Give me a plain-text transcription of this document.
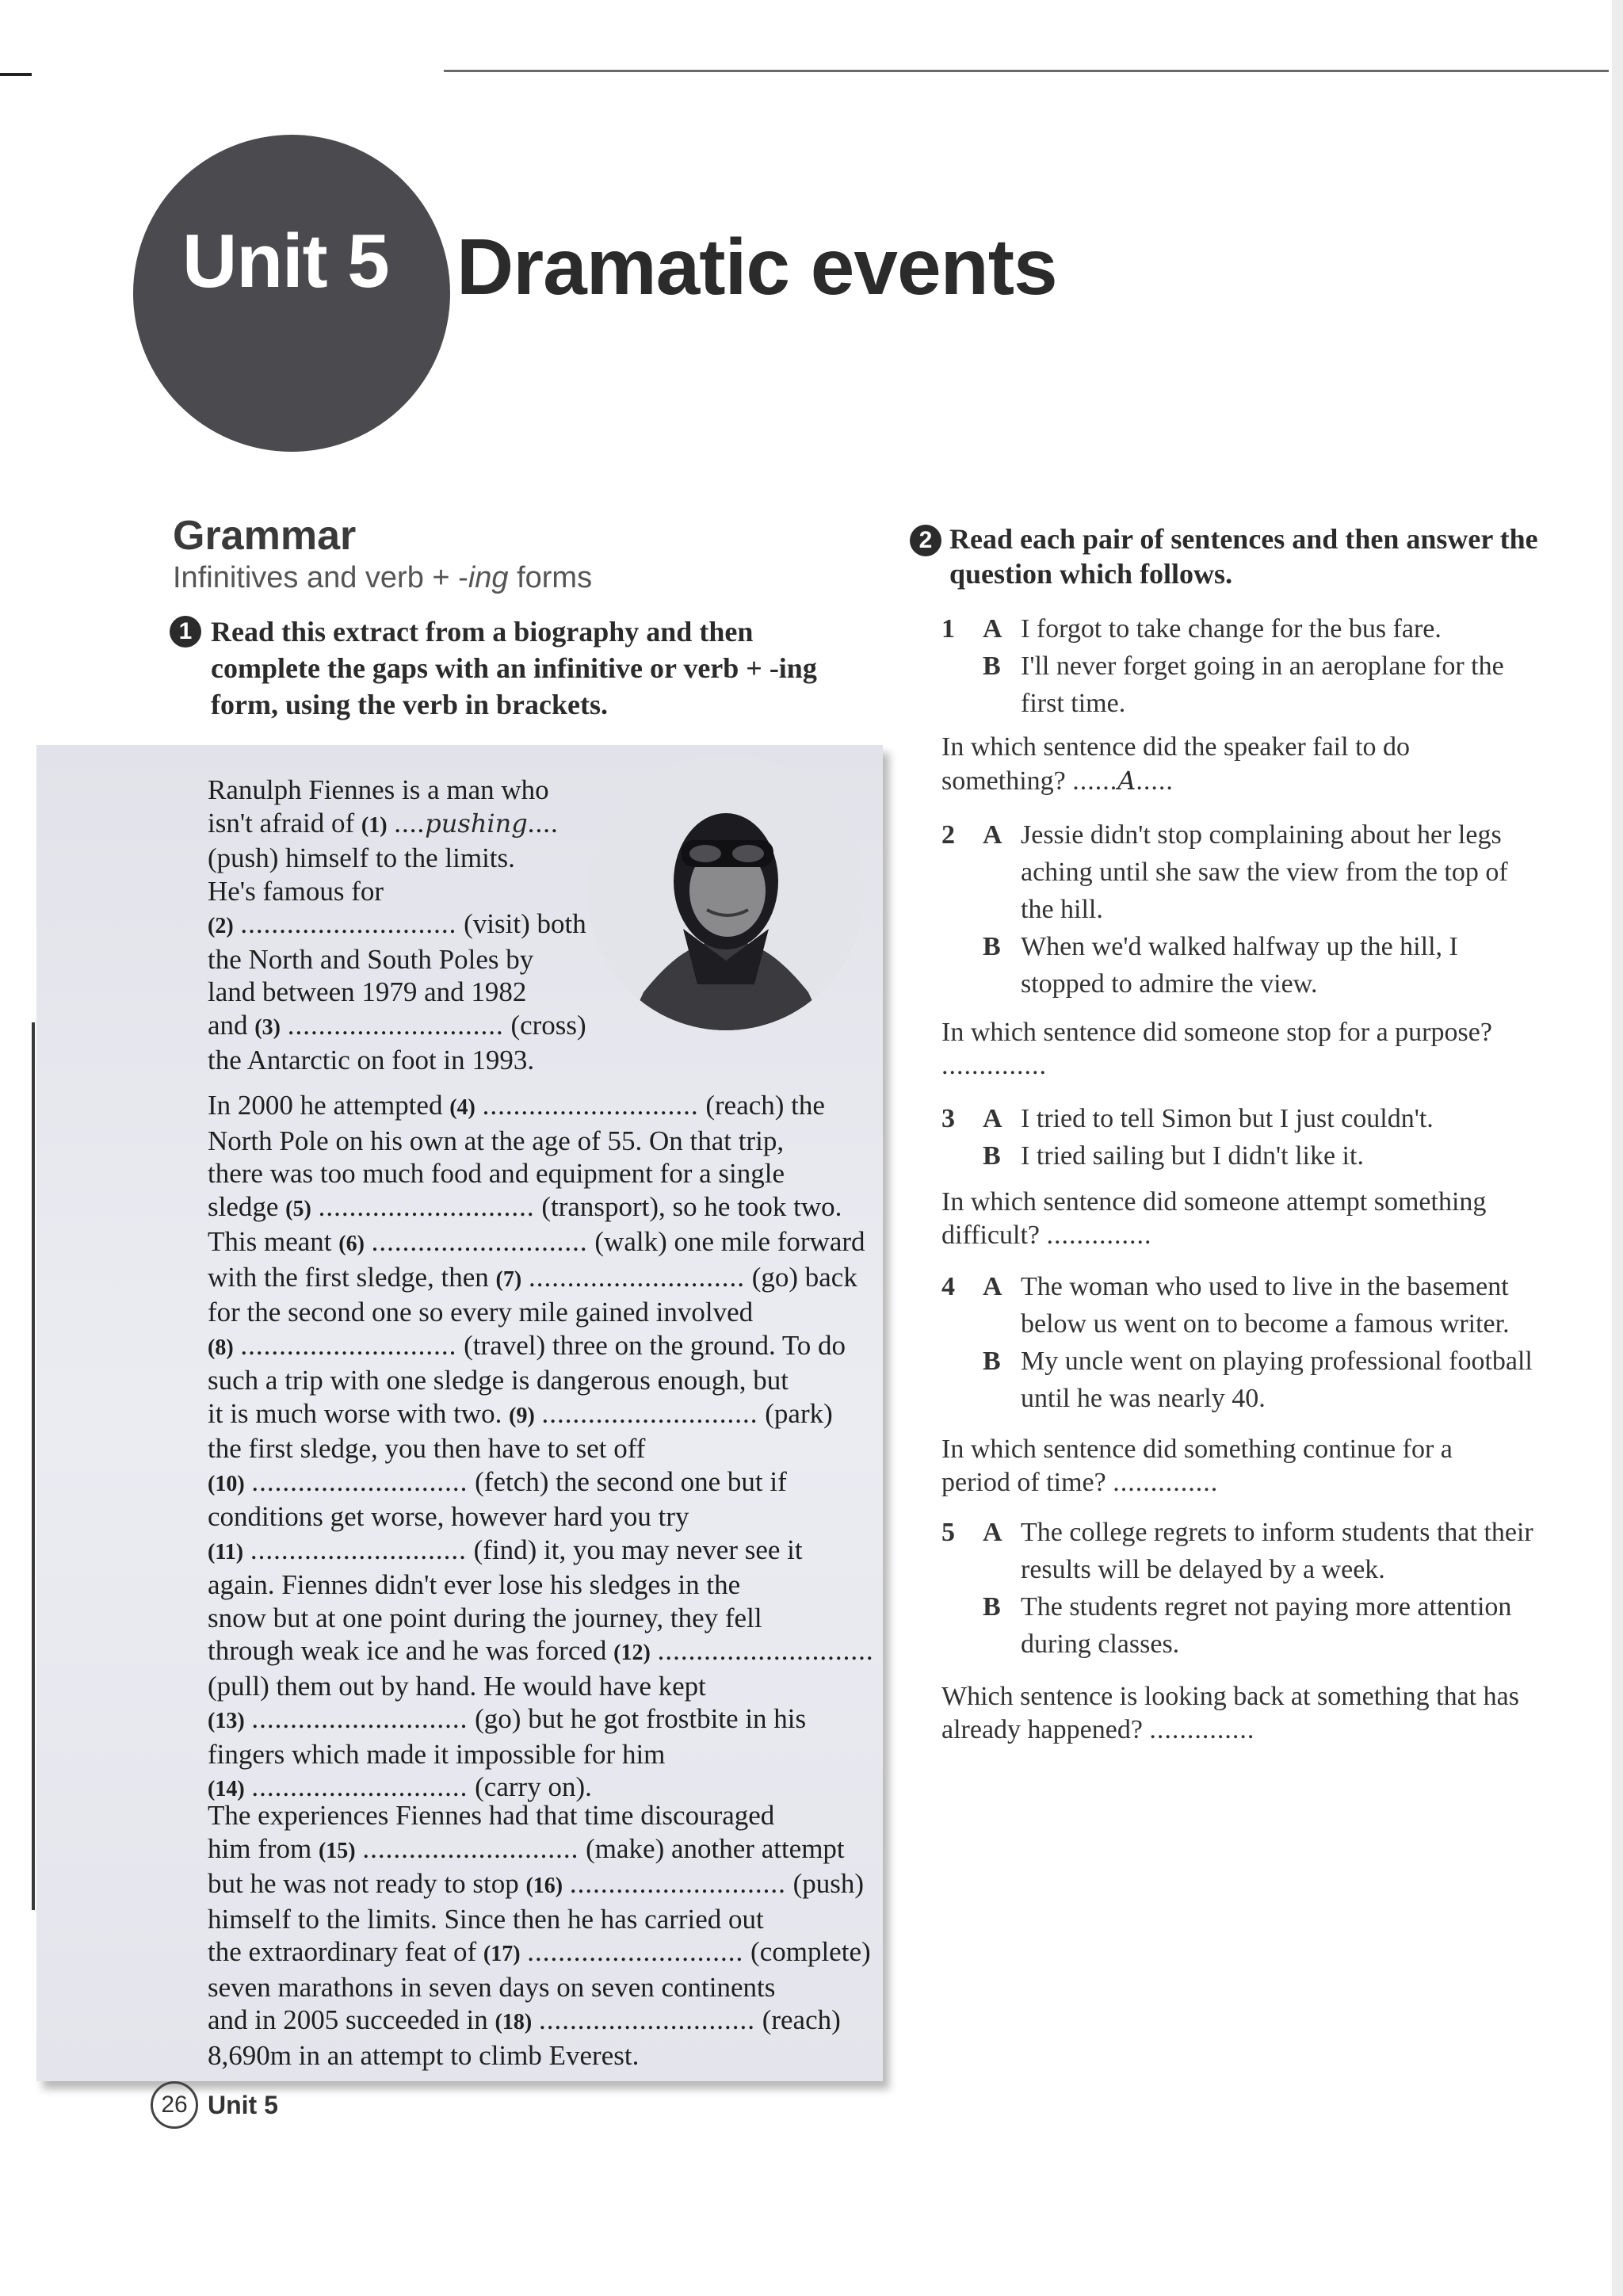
Unit 5 Dramatic events
Grammar
Infinitives and verb + -ing forms
1 Read this extract from a biography and then complete the gaps with an infinitive or verb + -ing form, using the verb in brackets.
Ranulph Fiennes is a man who
isn't afraid of (1) ....pushing....
(push) himself to the limits.
He's famous for
(2) ............................ (visit) both
the North and South Poles by
land between 1979 and 1982
and (3) ............................ (cross)
the Antarctic on foot in 1993.
In 2000 he attempted (4) ............................ (reach) the
North Pole on his own at the age of 55. On that trip,
there was too much food and equipment for a single
sledge (5) ............................ (transport), so he took two.
This meant (6) ............................ (walk) one mile forward
with the first sledge, then (7) ............................ (go) back
for the second one so every mile gained involved
(8) ............................ (travel) three on the ground. To do
such a trip with one sledge is dangerous enough, but
it is much worse with two. (9) ............................ (park)
the first sledge, you then have to set off
(10) ............................ (fetch) the second one but if
conditions get worse, however hard you try
(11) ............................ (find) it, you may never see it
again. Fiennes didn't ever lose his sledges in the
snow but at one point during the journey, they fell
through weak ice and he was forced (12) ............................
(pull) them out by hand. He would have kept
(13) ............................ (go) but he got frostbite in his
fingers which made it impossible for him
(14) ............................ (carry on).
The experiences Fiennes had that time discouraged
him from (15) ............................ (make) another attempt
but he was not ready to stop (16) ............................ (push)
himself to the limits. Since then he has carried out
the extraordinary feat of (17) ............................ (complete)
seven marathons in seven days on seven continents
and in 2005 succeeded in (18) ............................ (reach)
8,690m in an attempt to climb Everest.
2 Read each pair of sentences and then answer the question which follows.
1 A I forgot to take change for the bus fare.
B I'll never forget going in an aeroplane for the
first time.
In which sentence did the speaker fail to do
something? ......A.....
2 A Jessie didn't stop complaining about her legs
aching until she saw the view from the top of
the hill.
B When we'd walked halfway up the hill, I
stopped to admire the view.
In which sentence did someone stop for a purpose?
..............
3 A I tried to tell Simon but I just couldn't.
B I tried sailing but I didn't like it.
In which sentence did someone attempt something
difficult? ..............
4 A The woman who used to live in the basement
below us went on to become a famous writer.
B My uncle went on playing professional football
until he was nearly 40.
In which sentence did something continue for a
period of time? ..............
5 A The college regrets to inform students that their
results will be delayed by a week.
B The students regret not paying more attention
during classes.
Which sentence is looking back at something that has
already happened? ..............
26 Unit 5
